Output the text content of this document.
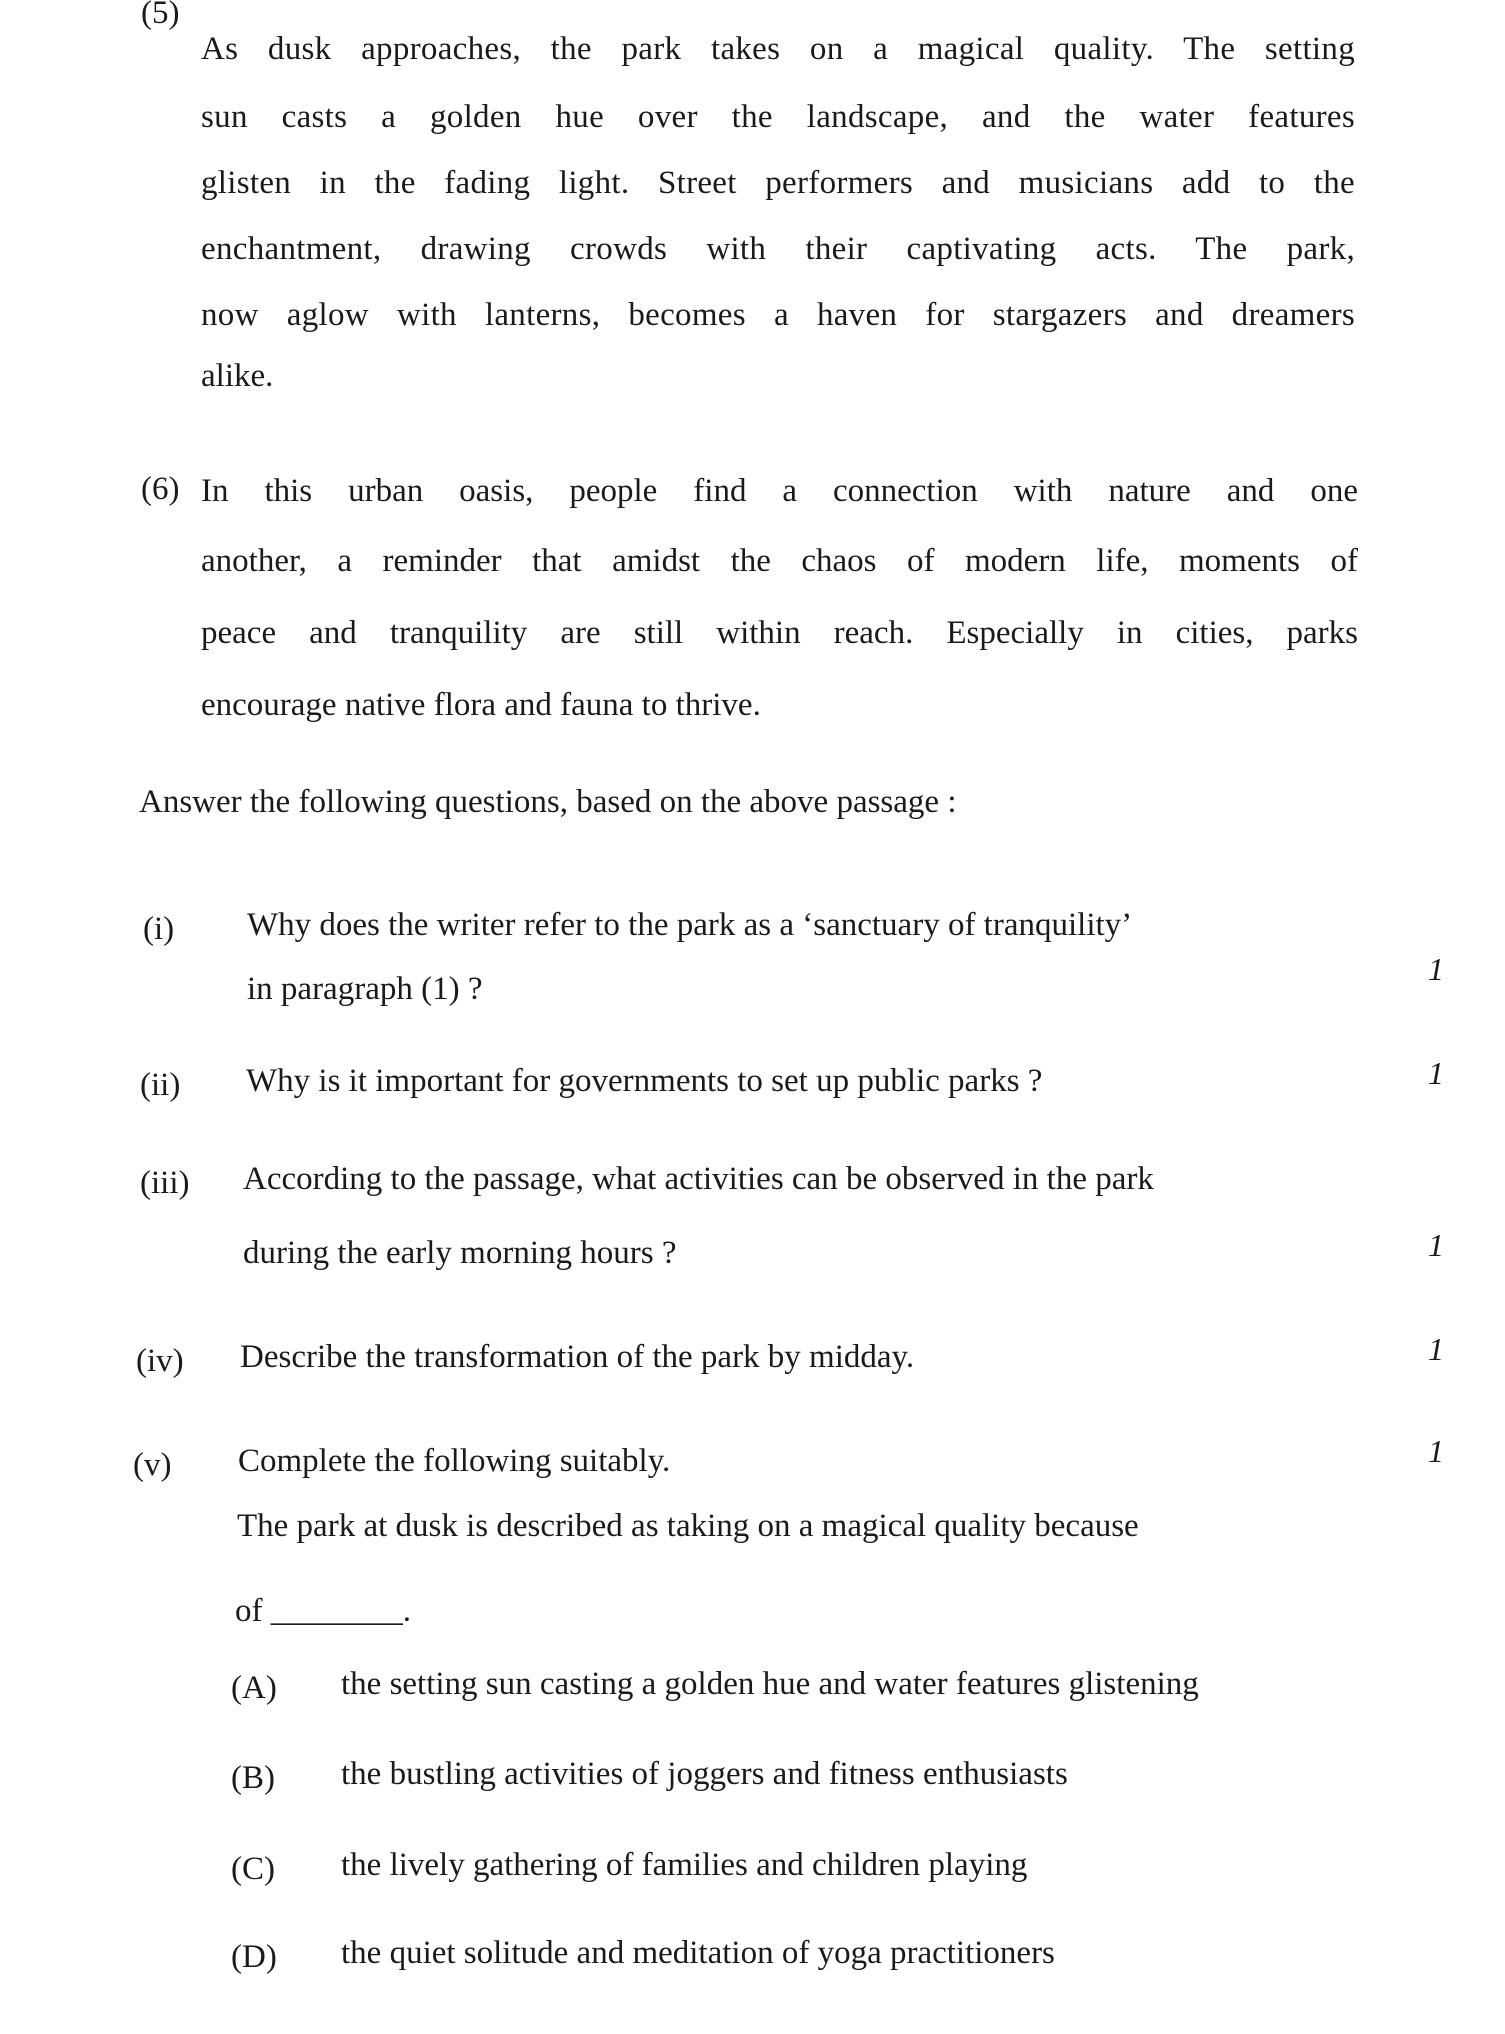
(5)
As dusk approaches, the park takes on a magical quality. The setting
sun casts a golden hue over the landscape, and the water features
glisten in the fading light. Street performers and musicians add to the
enchantment, drawing crowds with their captivating acts. The park,
now aglow with lanterns, becomes a haven for stargazers and dreamers
alike.
(6) In this urban oasis, people find a connection with nature and one
another, a reminder that amidst the chaos of modern life, moments of
peace and tranquility are still within reach. Especially in cities, parks
encourage native flora and fauna to thrive.
Answer the following questions, based on the above passage :
(i) Why does the writer refer to the park as a ‘sanctuary of tranquility’
in paragraph (1) ?
1
(ii) Why is it important for governments to set up public parks ?	1
(iii) According to the passage, what activities can be observed in the park
during the early morning hours ?	1
(iv) Describe the transformation of the park by midday.	1
(v) Complete the following suitably.	1
The park at dusk is described as taking on a magical quality because
of ________.
(A) the setting sun casting a golden hue and water features glistening
(B) the bustling activities of joggers and fitness enthusiasts
(C) the lively gathering of families and children playing
(D) the quiet solitude and meditation of yoga practitioners
